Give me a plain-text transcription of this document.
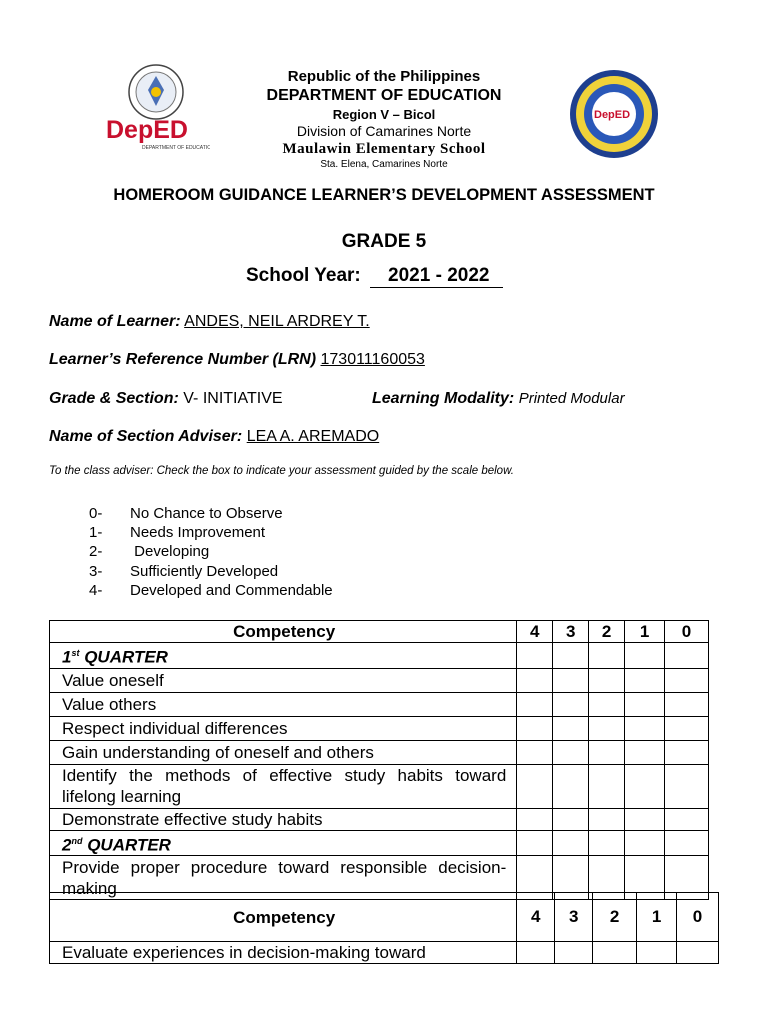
DepED
DEPARTMENT OF EDUCATION
DepED
Republic of the Philippines
DEPARTMENT OF EDUCATION
Region V – Bicol
Division of Camarines Norte
Maulawin Elementary School
Sta. Elena, Camarines Norte
HOMEROOM GUIDANCE LEARNER’S DEVELOPMENT ASSESSMENT
GRADE 5
School Year: 2021 - 2022
Name of Learner: ANDES, NEIL ARDREY T.
Learner’s Reference Number (LRN) 173011160053
Grade & Section: V- INITIATIVE	Learning Modality: Printed Modular
Name of Section Adviser: LEA A. AREMADO
To the class adviser: Check the box to indicate your assessment guided by the scale below.
0- No Chance to Observe
1- Needs Improvement
2- Developing
3- Sufficiently Developed
4- Developed and Commendable
Competency	4	3	2	1	0
1st QUARTER					
Value oneself					
Value others					
Respect individual differences					
Gain understanding of oneself and others					
Identify the methods of effective study habits toward lifelong learning					
Demonstrate effective study habits					
2nd QUARTER					
Provide proper procedure toward responsible decision-making					
Competency	4	3	2	1	0
Evaluate experiences in decision-making toward					
